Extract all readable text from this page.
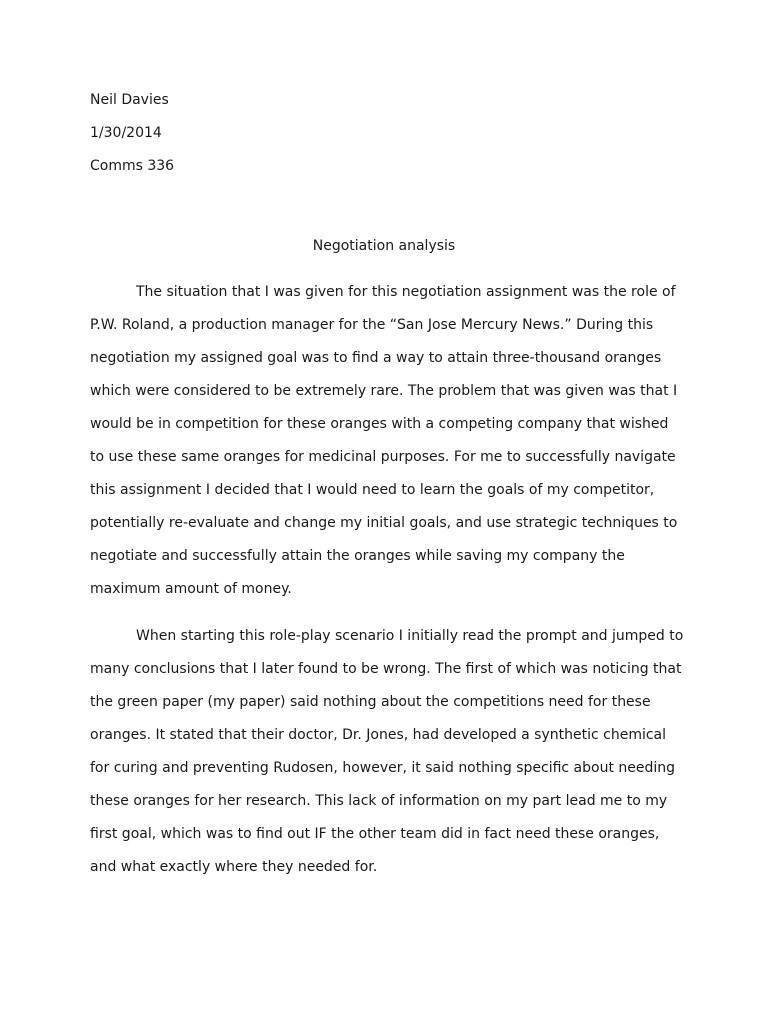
Neil Davies

1/30/2014

Comms 336

Negotiation analysis

The situation that I was given for this negotiation assignment was the role of

P.W. Roland, a production manager for the “San Jose Mercury News.” During this

negotiation my assigned goal was to find a way to attain three-thousand oranges

which were considered to be extremely rare. The problem that was given was that I

would be in competition for these oranges with a competing company that wished

to use these same oranges for medicinal purposes. For me to successfully navigate

this assignment I decided that I would need to learn the goals of my competitor,

potentially re-evaluate and change my initial goals, and use strategic techniques to

negotiate and successfully attain the oranges while saving my company the

maximum amount of money.

When starting this role-play scenario I initially read the prompt and jumped to

many conclusions that I later found to be wrong. The first of which was noticing that

the green paper (my paper) said nothing about the competitions need for these

oranges. It stated that their doctor, Dr. Jones, had developed a synthetic chemical

for curing and preventing Rudosen, however, it said nothing specific about needing

these oranges for her research. This lack of information on my part lead me to my

first goal, which was to find out IF the other team did in fact need these oranges,

and what exactly where they needed for.
